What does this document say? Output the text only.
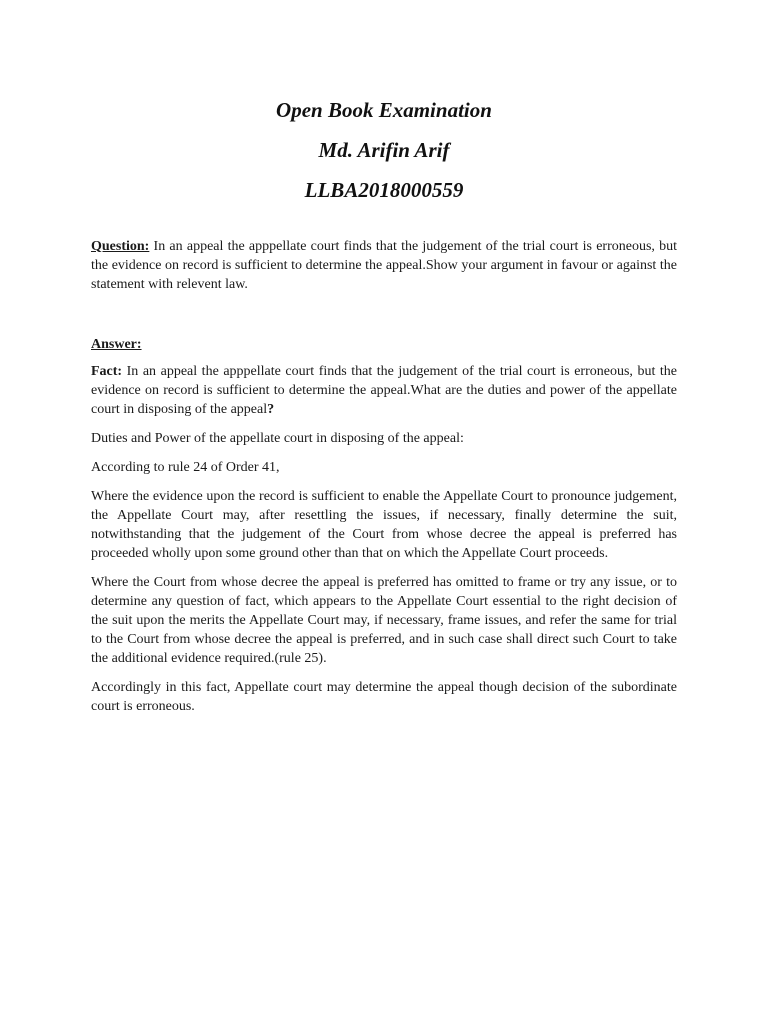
Open Book Examination
Md. Arifin Arif
LLBA2018000559

Question: In an appeal the apppellate court finds that the judgement of the trial court is erroneous, but the evidence on record is sufficient to determine the appeal.Show your argument in favour or against the statement with relevent law.

Answer:

Fact: In an appeal the apppellate court finds that the judgement of the trial court is erroneous, but the evidence on record is sufficient to determine the appeal.What are the duties and power of the appellate court in disposing of the appeal?

Duties and Power of the appellate court in disposing of the appeal:

According to rule 24 of Order 41,

Where the evidence upon the record is sufficient to enable the Appellate Court to pronounce judgement, the Appellate Court may, after resettling the issues, if necessary, finally determine the suit, notwithstanding that the judgement of the Court from whose decree the appeal is preferred has proceeded wholly upon some ground other than that on which the Appellate Court proceeds.

Where the Court from whose decree the appeal is preferred has omitted to frame or try any issue, or to determine any question of fact, which appears to the Appellate Court essential to the right decision of the suit upon the merits the Appellate Court may, if necessary, frame issues, and refer the same for trial to the Court from whose decree the appeal is preferred, and in such case shall direct such Court to take the additional evidence required.(rule 25).

Accordingly in this fact, Appellate court may determine the appeal though decision of the subordinate court is erroneous.
